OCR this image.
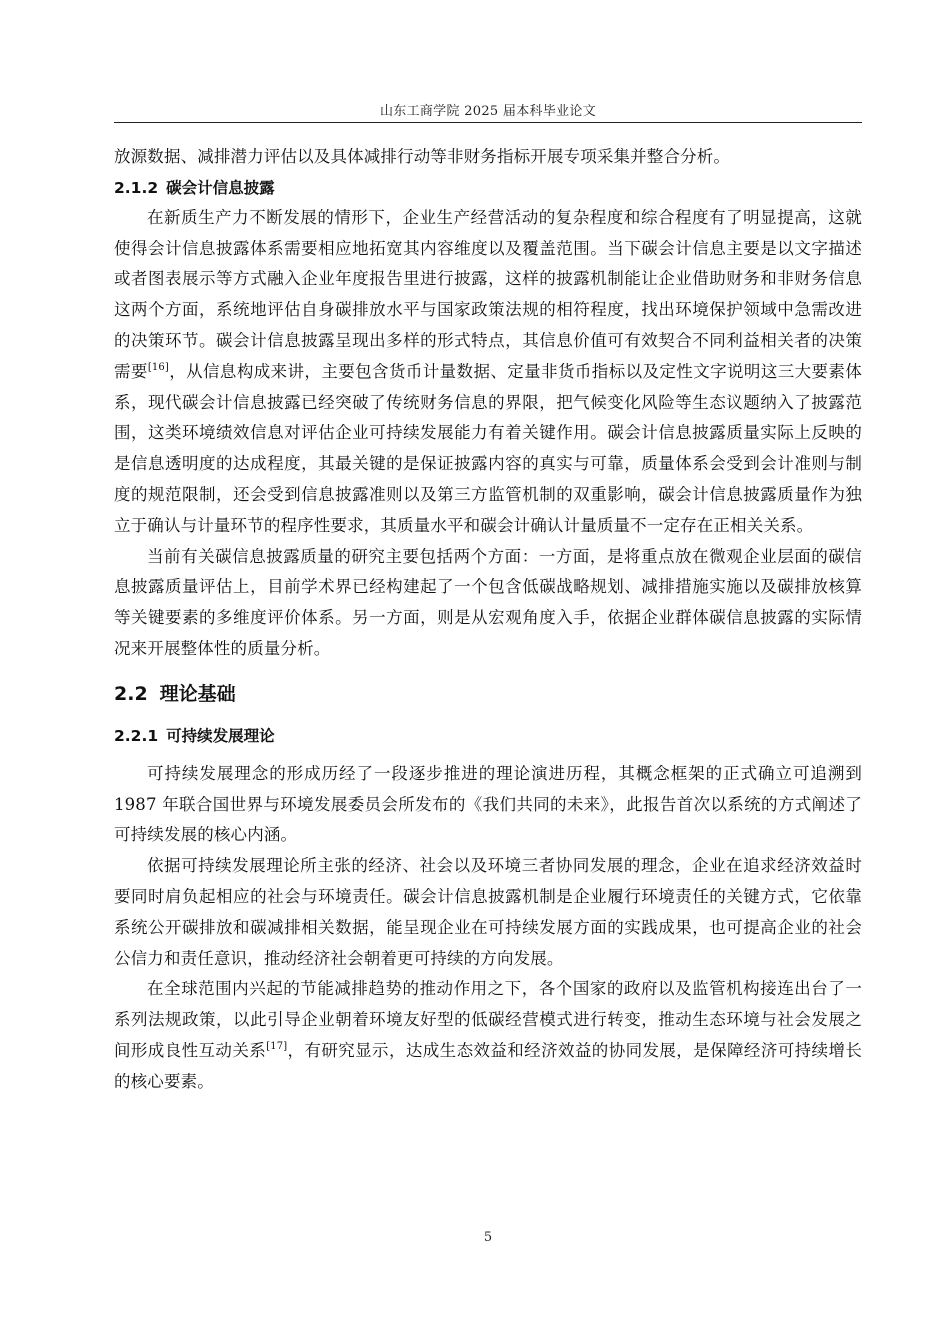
山东工商学院 2025 届本科毕业论文

放源数据、减排潜力评估以及具体减排行动等非财务指标开展专项采集并整合分析。

2.1.2 碳会计信息披露

在新质生产力不断发展的情形下，企业生产经营活动的复杂程度和综合程度有了明显提高，这就使得会计信息披露体系需要相应地拓宽其内容维度以及覆盖范围。当下碳会计信息主要是以文字描述或者图表展示等方式融入企业年度报告里进行披露，这样的披露机制能让企业借助财务和非财务信息这两个方面，系统地评估自身碳排放水平与国家政策法规的相符程度，找出环境保护领域中急需改进的决策环节。碳会计信息披露呈现出多样的形式特点，其信息价值可有效契合不同利益相关者的决策需要[16]，从信息构成来讲，主要包含货币计量数据、定量非货币指标以及定性文字说明这三大要素体系，现代碳会计信息披露已经突破了传统财务信息的界限，把气候变化风险等生态议题纳入了披露范围，这类环境绩效信息对评估企业可持续发展能力有着关键作用。碳会计信息披露质量实际上反映的是信息透明度的达成程度，其最关键的是保证披露内容的真实与可靠，质量体系会受到会计准则与制度的规范限制，还会受到信息披露准则以及第三方监管机制的双重影响，碳会计信息披露质量作为独立于确认与计量环节的程序性要求，其质量水平和碳会计确认计量质量不一定存在正相关关系。

当前有关碳信息披露质量的研究主要包括两个方面：一方面，是将重点放在微观企业层面的碳信息披露质量评估上，目前学术界已经构建起了一个包含低碳战略规划、减排措施实施以及碳排放核算等关键要素的多维度评价体系。另一方面，则是从宏观角度入手，依据企业群体碳信息披露的实际情况来开展整体性的质量分析。

2.2 理论基础
2.2.1 可持续发展理论

可持续发展理念的形成历经了一段逐步推进的理论演进历程，其概念框架的正式确立可追溯到 1987 年联合国世界与环境发展委员会所发布的《我们共同的未来》，此报告首次以系统的方式阐述了可持续发展的核心内涵。

依据可持续发展理论所主张的经济、社会以及环境三者协同发展的理念，企业在追求经济效益时要同时肩负起相应的社会与环境责任。碳会计信息披露机制是企业履行环境责任的关键方式，它依靠系统公开碳排放和碳减排相关数据，能呈现企业在可持续发展方面的实践成果，也可提高企业的社会公信力和责任意识，推动经济社会朝着更可持续的方向发展。

在全球范围内兴起的节能减排趋势的推动作用之下，各个国家的政府以及监管机构接连出台了一系列法规政策，以此引导企业朝着环境友好型的低碳经营模式进行转变，推动生态环境与社会发展之间形成良性互动关系[17]，有研究显示，达成生态效益和经济效益的协同发展，是保障经济可持续增长的核心要素。

5
